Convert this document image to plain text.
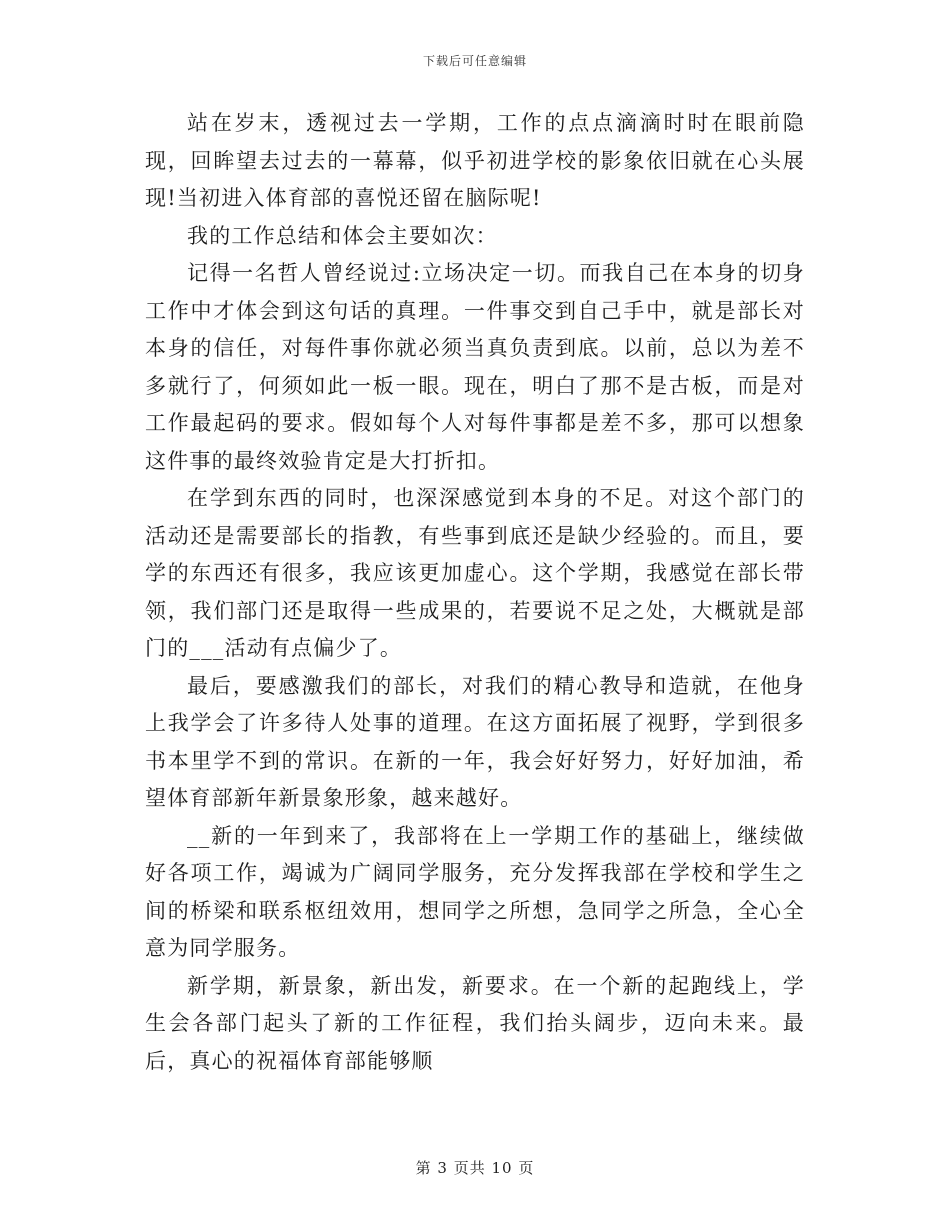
下载后可任意编辑

站在岁末，透视过去一学期，工作的点点滴滴时时在眼前隐现，回眸望去过去的一幕幕，似乎初进学校的影象依旧就在心头展现!当初进入体育部的喜悦还留在脑际呢!

我的工作总结和体会主要如次：

记得一名哲人曾经说过:立场决定一切。而我自己在本身的切身工作中才体会到这句话的真理。一件事交到自己手中，就是部长对本身的信任，对每件事你就必须当真负责到底。以前，总以为差不多就行了，何须如此一板一眼。现在，明白了那不是古板，而是对工作最起码的要求。假如每个人对每件事都是差不多，那可以想象这件事的最终效验肯定是大打折扣。

在学到东西的同时，也深深感觉到本身的不足。对这个部门的活动还是需要部长的指教，有些事到底还是缺少经验的。而且，要学的东西还有很多，我应该更加虚心。这个学期，我感觉在部长带领，我们部门还是取得一些成果的，若要说不足之处，大概就是部门的___活动有点偏少了。

最后，要感激我们的部长，对我们的精心教导和造就，在他身上我学会了许多待人处事的道理。在这方面拓展了视野，学到很多书本里学不到的常识。在新的一年，我会好好努力，好好加油，希望体育部新年新景象形象，越来越好。

__新的一年到来了，我部将在上一学期工作的基础上，继续做好各项工作，竭诚为广阔同学服务，充分发挥我部在学校和学生之间的桥梁和联系枢纽效用，想同学之所想，急同学之所急，全心全意为同学服务。

新学期，新景象，新出发，新要求。在一个新的起跑线上，学生会各部门起头了新的工作征程，我们抬头阔步，迈向未来。最后，真心的祝福体育部能够顺

第 3 页共 10 页
